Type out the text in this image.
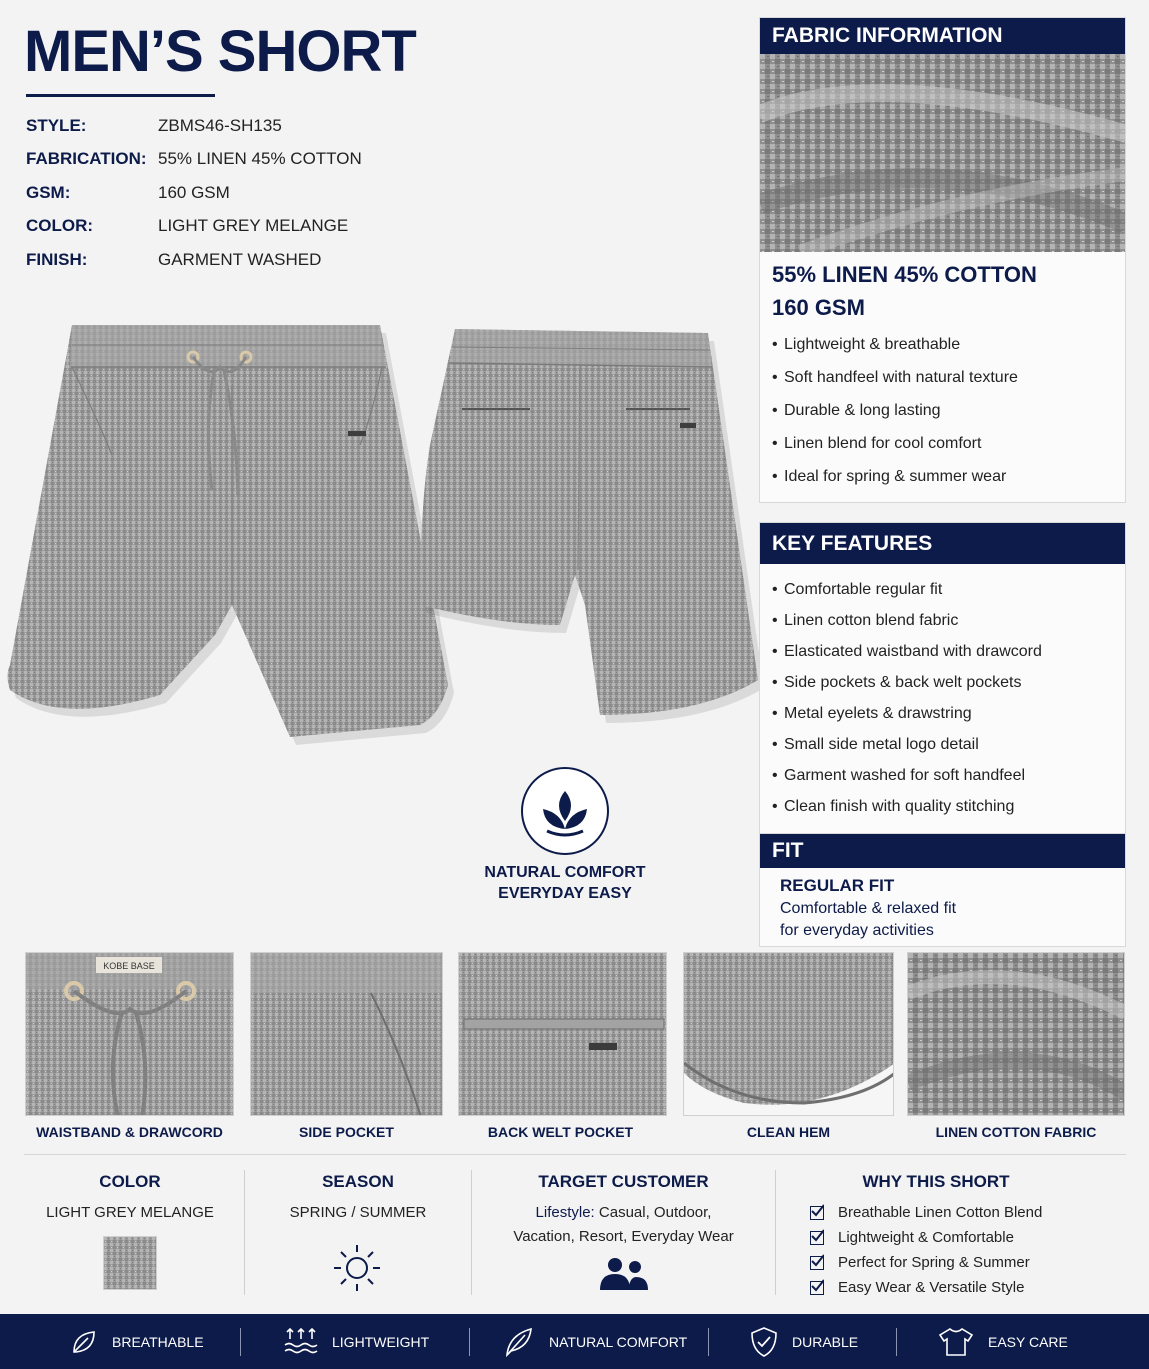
MEN’S SHORT
STYLE:	ZBMS46-SH135
FABRICATION: 55% LINEN 45% COTTON
GSM:	160 GSM
COLOR:	LIGHT GREY MELANGE
FINISH:	GARMENT WASHED
FABRIC INFORMATION
55% LINEN 45% COTTON
160 GSM
• Lightweight & breathable
• Soft handfeel with natural texture
• Durable & long lasting
• Linen blend for cool comfort
• Ideal for spring & summer wear
KEY FEATURES
• Comfortable regular fit
• Linen cotton blend fabric
• Elasticated waistband with drawcord
• Side pockets & back welt pockets
• Metal eyelets & drawstring
• Small side metal logo detail
• Garment washed for soft handfeel
• Clean finish with quality stitching
FIT
REGULAR FIT
Comfortable & relaxed fit
for everyday activities
NATURAL COMFORT
EVERYDAY EASY
KOBE BASE
WAISTBAND & DRAWCORD	SIDE POCKET	BACK WELT POCKET	CLEAN HEM	LINEN COTTON FABRIC
COLOR
LIGHT GREY MELANGE
SEASON
SPRING / SUMMER
TARGET CUSTOMER
Lifestyle: Casual, Outdoor,
Vacation, Resort, Everyday Wear
WHY THIS SHORT
Breathable Linen Cotton Blend
Lightweight & Comfortable
Perfect for Spring & Summer
Easy Wear & Versatile Style
BREATHABLE	LIGHTWEIGHT	NATURAL COMFORT	DURABLE	EASY CARE
